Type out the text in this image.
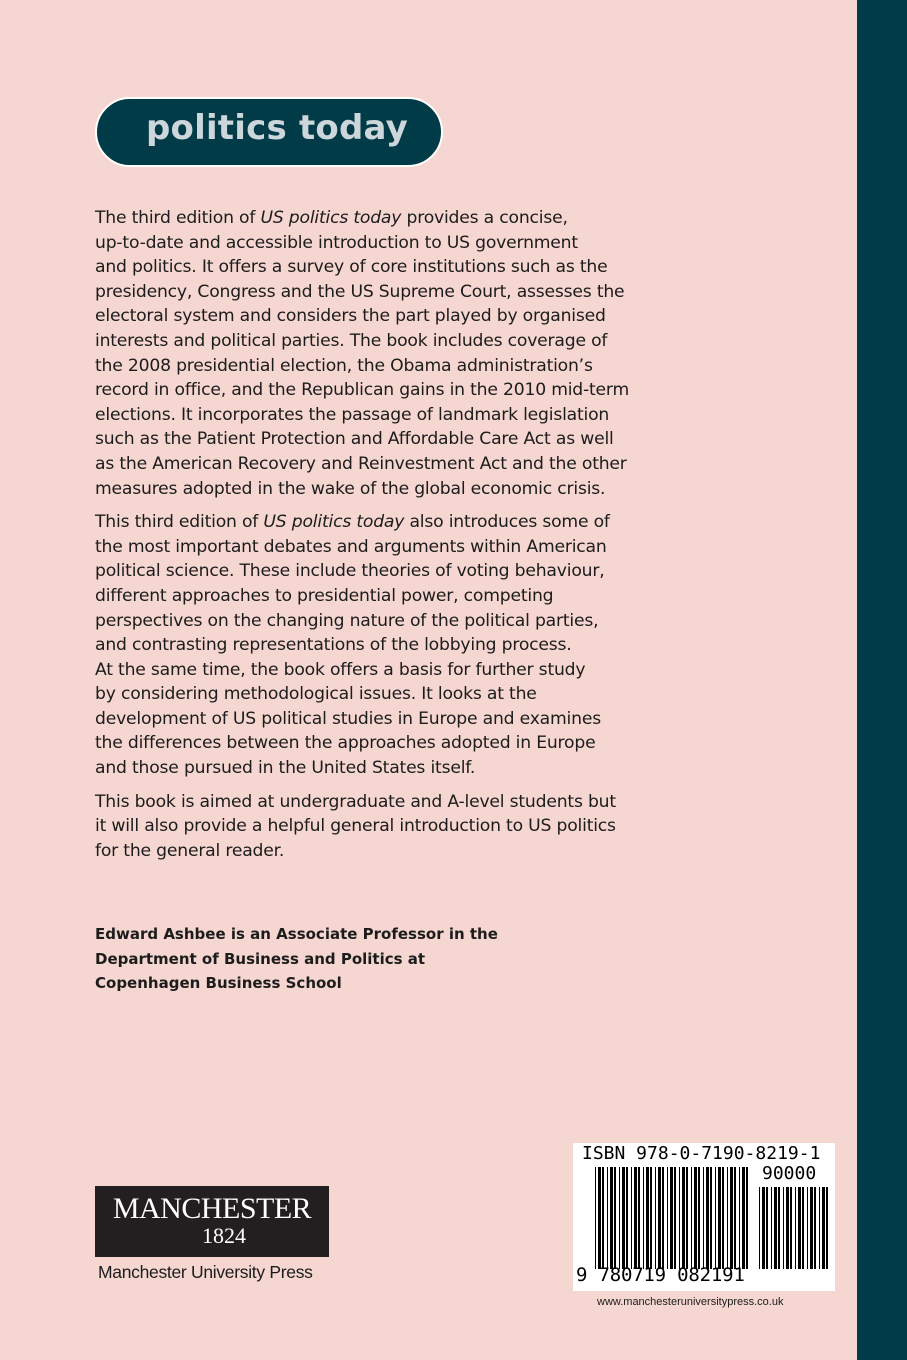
politics today

The third edition of US politics today provides a concise,
up-to-date and accessible introduction to US government
and politics. It offers a survey of core institutions such as the
presidency, Congress and the US Supreme Court, assesses the
electoral system and considers the part played by organised
interests and political parties. The book includes coverage of
the 2008 presidential election, the Obama administration’s
record in office, and the Republican gains in the 2010 mid-term
elections. It incorporates the passage of landmark legislation
such as the Patient Protection and Affordable Care Act as well
as the American Recovery and Reinvestment Act and the other
measures adopted in the wake of the global economic crisis.

This third edition of US politics today also introduces some of
the most important debates and arguments within American
political science. These include theories of voting behaviour,
different approaches to presidential power, competing
perspectives on the changing nature of the political parties,
and contrasting representations of the lobbying process.
At the same time, the book offers a basis for further study
by considering methodological issues. It looks at the
development of US political studies in Europe and examines
the differences between the approaches adopted in Europe
and those pursued in the United States itself.

This book is aimed at undergraduate and A-level students but
it will also provide a helpful general introduction to US politics
for the general reader.

Edward Ashbee is an Associate Professor in the
Department of Business and Politics at
Copenhagen Business School
MANCHESTER
1824
Manchester University Press
ISBN 978-0-7190-8219-1
90000
9 780719 082191
www.manchesteruniversitypress.co.uk
